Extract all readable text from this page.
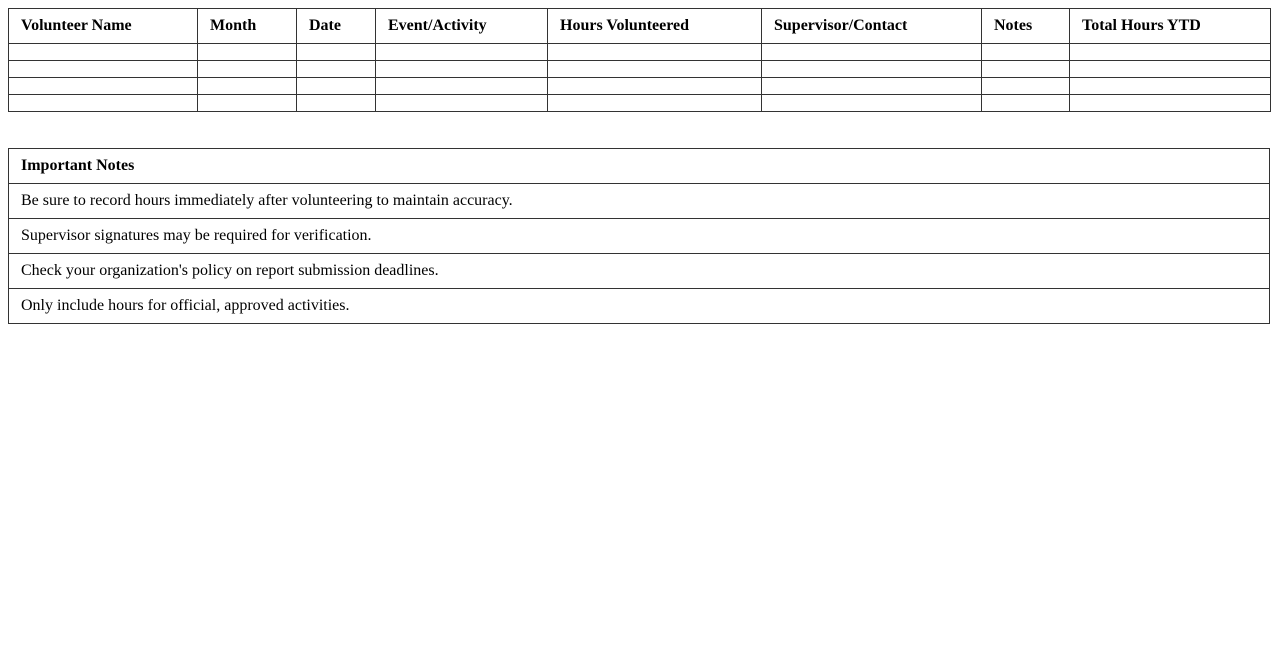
Volunteer Name	Month	Date	Event/Activity	Hours Volunteered	Supervisor/Contact	Notes	Total Hours YTD

Important Notes
Be sure to record hours immediately after volunteering to maintain accuracy.
Supervisor signatures may be required for verification.
Check your organization's policy on report submission deadlines.
Only include hours for official, approved activities.
